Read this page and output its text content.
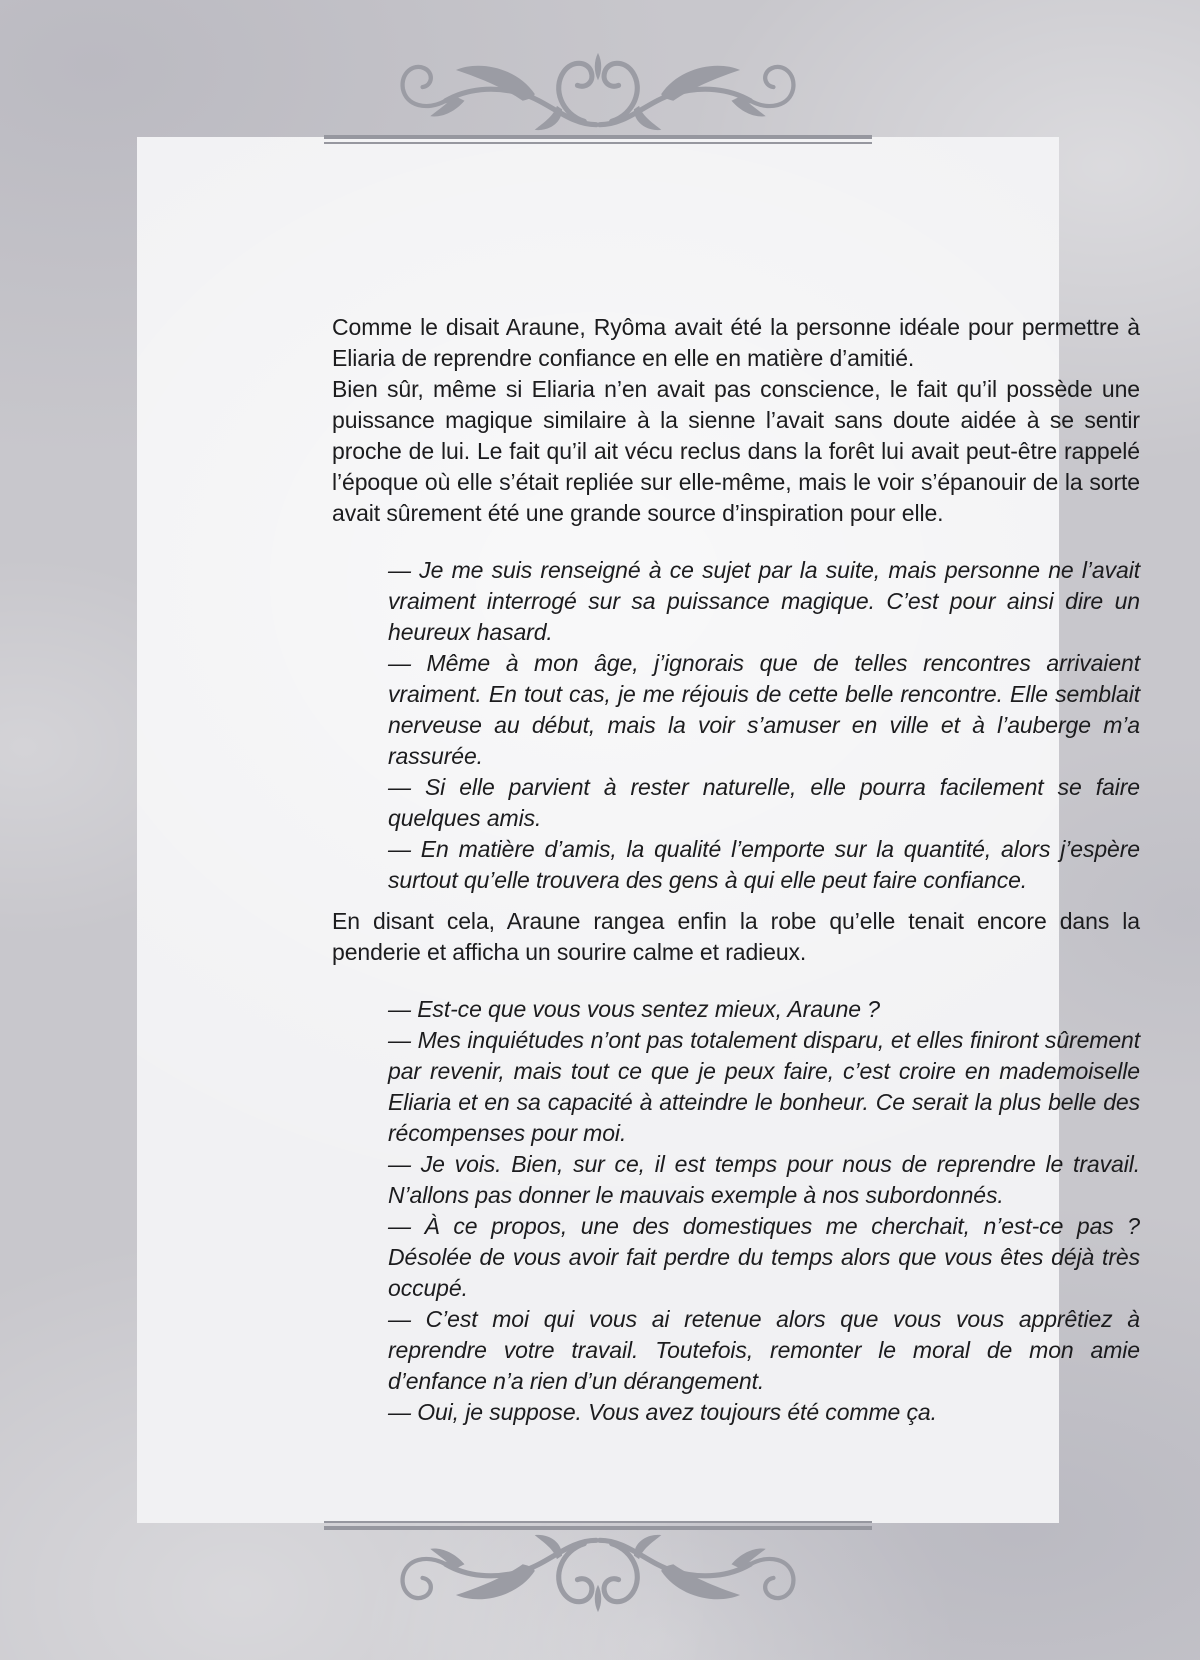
Comme le disait Araune, Ryôma avait été la personne idéale pour permettre à Eliaria de reprendre confiance en elle en matière d’amitié.

Bien sûr, même si Eliaria n’en avait pas conscience, le fait qu’il possède une puissance magique similaire à la sienne l’avait sans doute aidée à se sentir proche de lui. Le fait qu’il ait vécu reclus dans la forêt lui avait peut-être rappelé l’époque où elle s’était repliée sur elle-même, mais le voir s’épanouir de la sorte avait sûrement été une grande source d’inspiration pour elle.

— Je me suis renseigné à ce sujet par la suite, mais personne ne l’avait vraiment interrogé sur sa puissance magique. C’est pour ainsi dire un heureux hasard.

— Même à mon âge, j’ignorais que de telles rencontres arrivaient vraiment. En tout cas, je me réjouis de cette belle rencontre. Elle semblait nerveuse au début, mais la voir s’amuser en ville et à l’auberge m’a rassurée.

— Si elle parvient à rester naturelle, elle pourra facilement se faire quelques amis.

— En matière d’amis, la qualité l’emporte sur la quantité, alors j’espère surtout qu’elle trouvera des gens à qui elle peut faire confiance.

En disant cela, Araune rangea enfin la robe qu’elle tenait encore dans la penderie et afficha un sourire calme et radieux.

— Est-ce que vous vous sentez mieux, Araune ?

— Mes inquiétudes n’ont pas totalement disparu, et elles finiront sûrement par revenir, mais tout ce que je peux faire, c’est croire en mademoiselle Eliaria et en sa capacité à atteindre le bonheur. Ce serait la plus belle des récompenses pour moi.

— Je vois. Bien, sur ce, il est temps pour nous de reprendre le travail. N’allons pas donner le mauvais exemple à nos subordonnés.

— À ce propos, une des domestiques me cherchait, n’est-ce pas ? Désolée de vous avoir fait perdre du temps alors que vous êtes déjà très occupé.

— C’est moi qui vous ai retenue alors que vous vous apprêtiez à reprendre votre travail. Toutefois, remonter le moral de mon amie d’enfance n’a rien d’un dérangement.

— Oui, je suppose. Vous avez toujours été comme ça.
